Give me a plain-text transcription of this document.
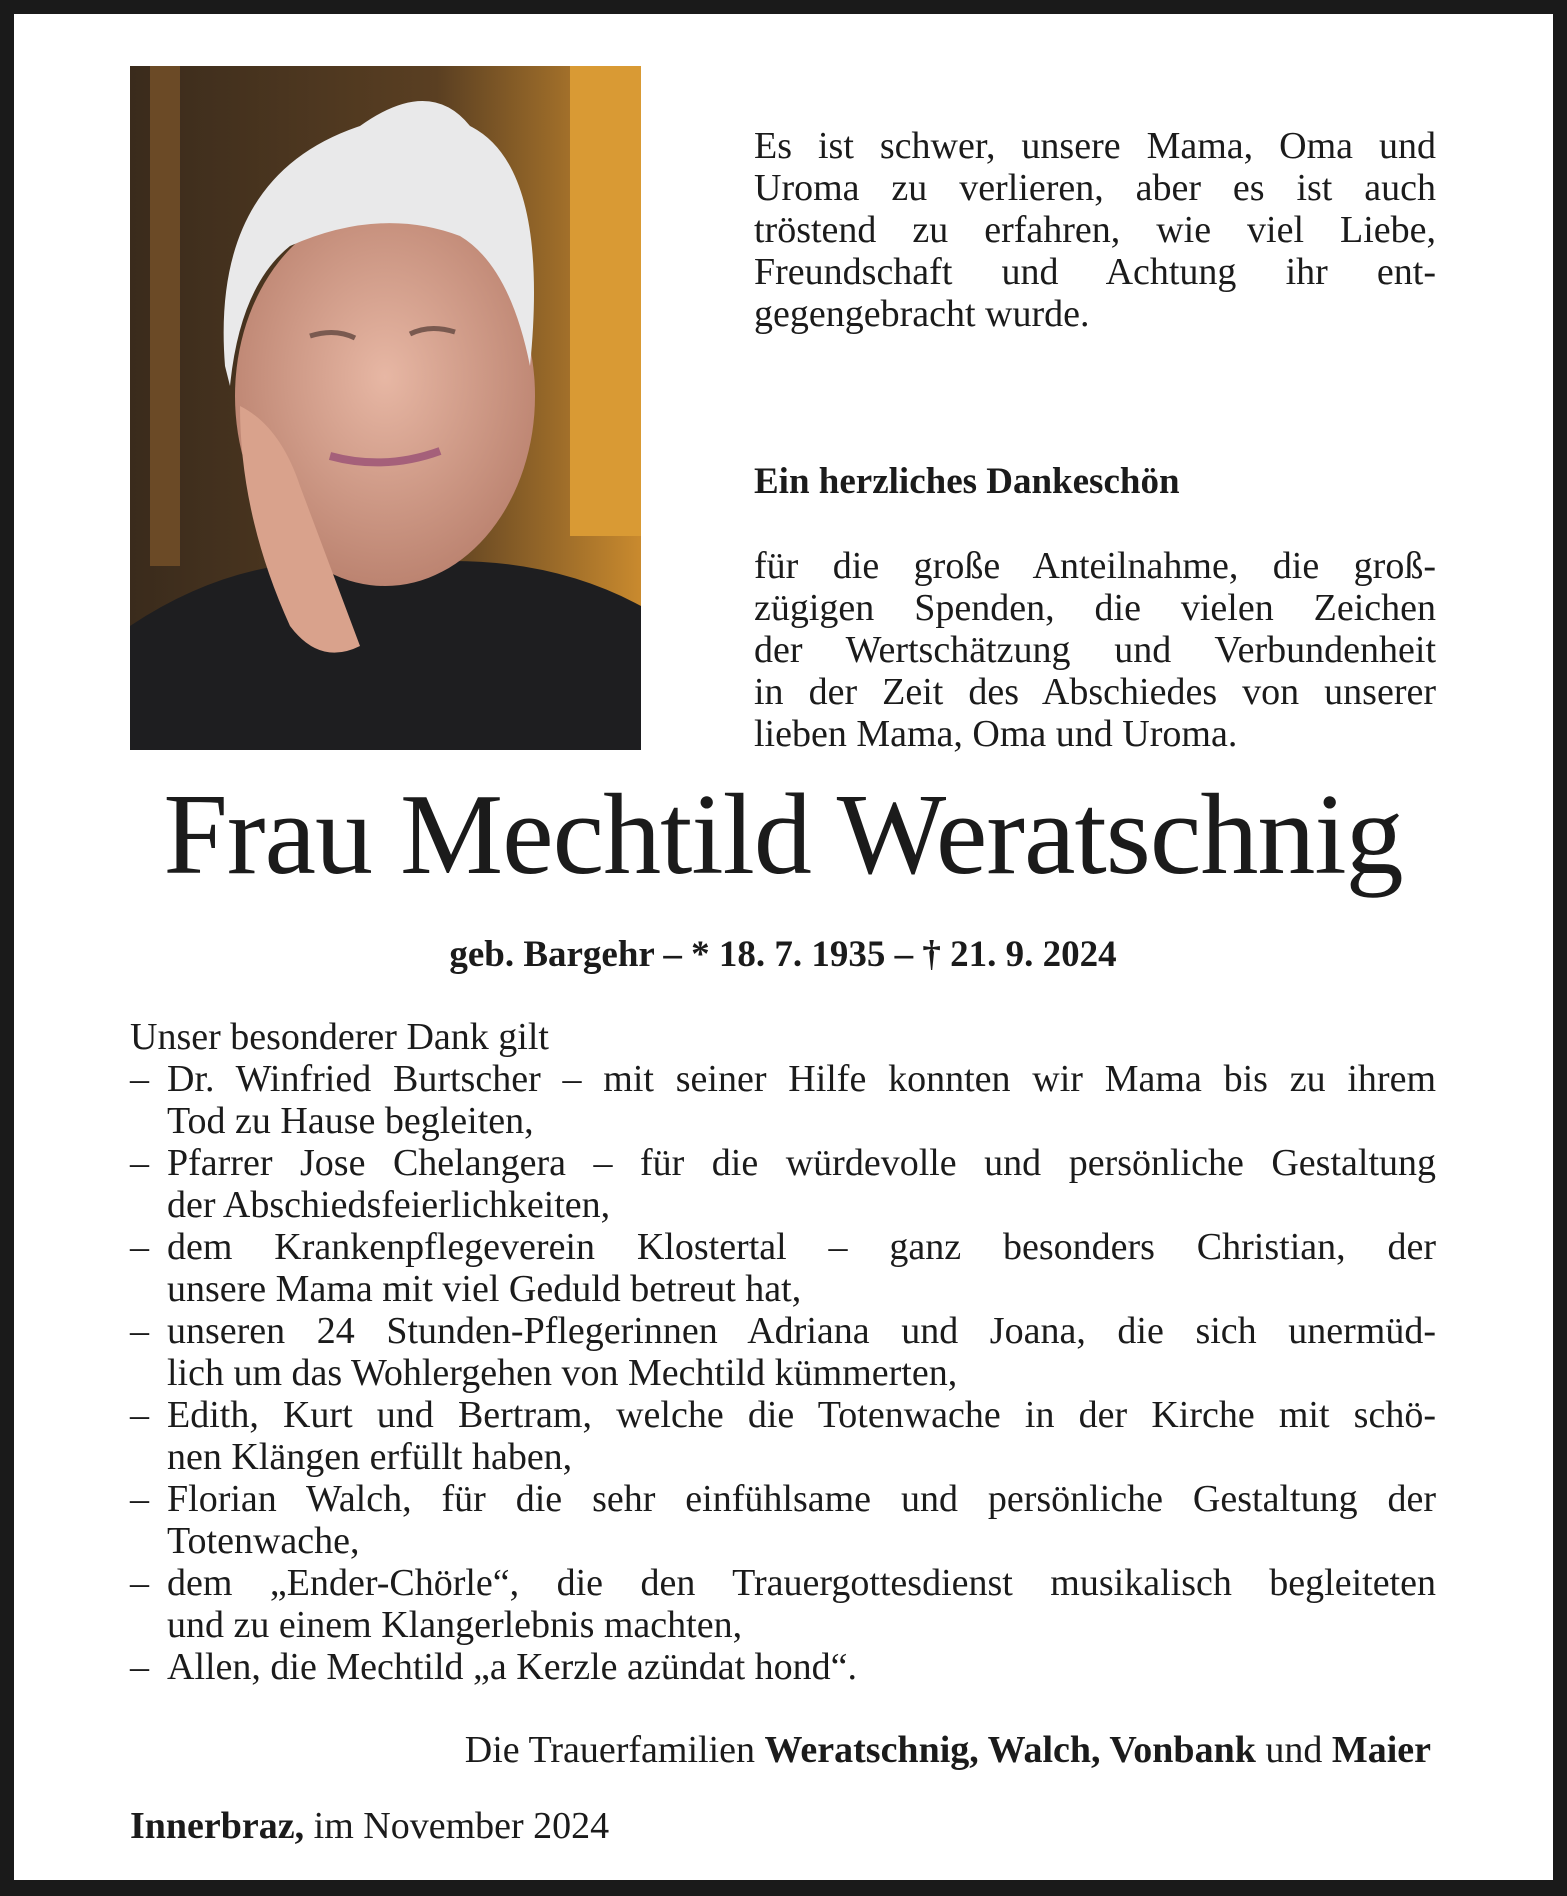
Es ist schwer, unsere Mama, Oma und
Uroma zu verlieren, aber es ist auch
tröstend zu erfahren, wie viel Liebe,
Freundschaft und Achtung ihr ent-
gegengebracht wurde.
Ein herzliches Dankeschön
für die große Anteilnahme, die groß-
zügigen Spenden, die vielen Zeichen
der Wertschätzung und Verbundenheit
in der Zeit des Abschiedes von unserer
lieben Mama, Oma und Uroma.
Frau Mechtild Weratschnig
geb. Bargehr – * 18. 7. 1935 – † 21. 9. 2024
Unser besonderer Dank gilt
– Dr. Winfried Burtscher – mit seiner Hilfe konnten wir Mama bis zu ihrem
Tod zu Hause begleiten,
– Pfarrer Jose Chelangera – für die würdevolle und persönliche Gestaltung
der Abschiedsfeierlichkeiten,
– dem Krankenpflegeverein Klostertal – ganz besonders Christian, der
unsere Mama mit viel Geduld betreut hat,
– unseren 24 Stunden-Pflegerinnen Adriana und Joana, die sich unermüd-
lich um das Wohlergehen von Mechtild kümmerten,
– Edith, Kurt und Bertram, welche die Totenwache in der Kirche mit schö-
nen Klängen erfüllt haben,
– Florian Walch, für die sehr einfühlsame und persönliche Gestaltung der
Totenwache,
– dem „Ender-Chörle“, die den Trauergottesdienst musikalisch begleiteten
und zu einem Klangerlebnis machten,
– Allen, die Mechtild „a Kerzle azündat hond“.
Die Trauerfamilien Weratschnig, Walch, Vonbank und Maier
Innerbraz, im November 2024
